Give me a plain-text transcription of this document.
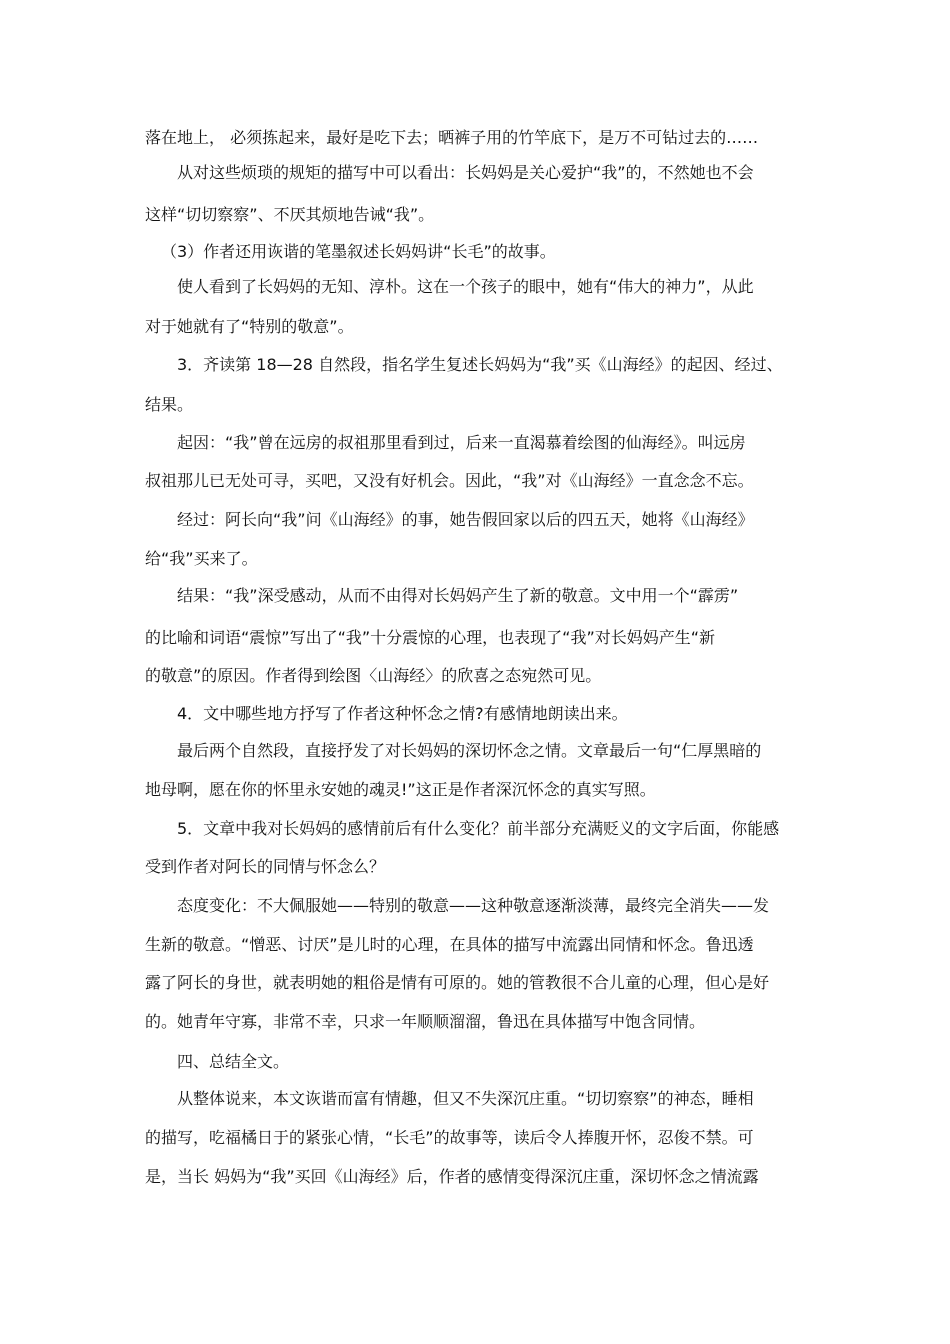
落在地上， 必须拣起来，最好是吃下去；晒裤子用的竹竿底下，是万不可钻过去的……
从对这些烦琐的规矩的描写中可以看出：长妈妈是关心爱护“我”的，不然她也不会
这样“切切察察”、不厌其烦地告诫“我”。
（3）作者还用诙谐的笔墨叙述长妈妈讲“长毛”的故事。
使人看到了长妈妈的无知、淳朴。这在一个孩子的眼中，她有“伟大的神力”，从此
对于她就有了“特别的敬意”。
3．齐读第 18—28 自然段，指名学生复述长妈妈为“我”买《山海经》的起因、经过、
结果。
起因：“我”曾在远房的叔祖那里看到过，后来一直渴慕着绘图的仙海经》。叫远房
叔祖那儿已无处可寻，买吧，又没有好机会。因此，“我”对《山海经》一直念念不忘。
经过：阿长向“我”问《山海经》的事，她告假回家以后的四五天，她将《山海经》
给“我”买来了。
结果：“我”深受感动，从而不由得对长妈妈产生了新的敬意。文中用一个“霹雳”
的比喻和词语“震惊”写出了“我”十分震惊的心理，也表现了“我”对长妈妈产生“新
的敬意”的原因。作者得到绘图〈山海经〉的欣喜之态宛然可见。
4．文中哪些地方抒写了作者这种怀念之情?有感情地朗读出来。
最后两个自然段，直接抒发了对长妈妈的深切怀念之情。文章最后一句“仁厚黑暗的
地母啊，愿在你的怀里永安她的魂灵!”这正是作者深沉怀念的真实写照。
5．文章中我对长妈妈的感情前后有什么变化？前半部分充满贬义的文字后面，你能感
受到作者对阿长的同情与怀念么？
态度变化：不大佩服她——特别的敬意——这种敬意逐渐淡薄，最终完全消失——发
生新的敬意。“憎恶、讨厌”是儿时的心理，在具体的描写中流露出同情和怀念。鲁迅透
露了阿长的身世，就表明她的粗俗是情有可原的。她的管教很不合儿童的心理，但心是好
的。她青年守寡，非常不幸，只求一年顺顺溜溜，鲁迅在具体描写中饱含同情。
四、总结全文。
从整体说来，本文诙谐而富有情趣，但又不失深沉庄重。“切切察察”的神态，睡相
的描写，吃福橘日于的紧张心情，“长毛”的故事等，读后令人捧腹开怀，忍俊不禁。可
是，当长 妈妈为“我”买回《山海经》后，作者的感情变得深沉庄重，深切怀念之情流露
